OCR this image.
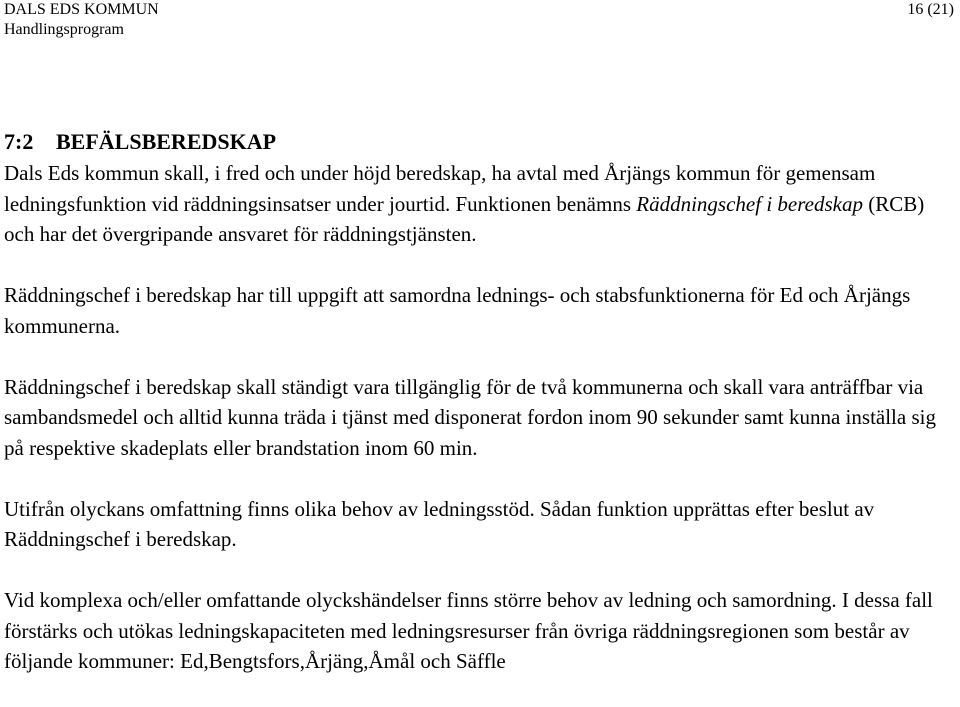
DALS EDS KOMMUN
Handlingsprogram
16 (21)
7:2 BEFÄLSBEREDSKAP

Dals Eds kommun skall, i fred och under höjd beredskap, ha avtal med Årjängs kommun för gemensam ledningsfunktion vid räddningsinsatser under jourtid. Funktionen benämns Räddningschef i beredskap (RCB) och har det övergripande ansvaret för räddningstjänsten.

Räddningschef i beredskap har till uppgift att samordna lednings- och stabsfunktionerna för Ed och Årjängs kommunerna.

Räddningschef i beredskap skall ständigt vara tillgänglig för de två kommunerna och skall vara anträffbar via sambandsmedel och alltid kunna träda i tjänst med disponerat fordon inom 90 sekunder samt kunna inställa sig på respektive skadeplats eller brandstation inom 60 min.

Utifrån olyckans omfattning finns olika behov av ledningsstöd. Sådan funktion upprättas efter beslut av Räddningschef i beredskap.

Vid komplexa och/eller omfattande olyckshändelser finns större behov av ledning och samordning. I dessa fall förstärks och utökas ledningskapaciteten med ledningsresurser från övriga räddningsregionen som består av följande kommuner: Ed,Bengtsfors,Årjäng,Åmål och Säffle
